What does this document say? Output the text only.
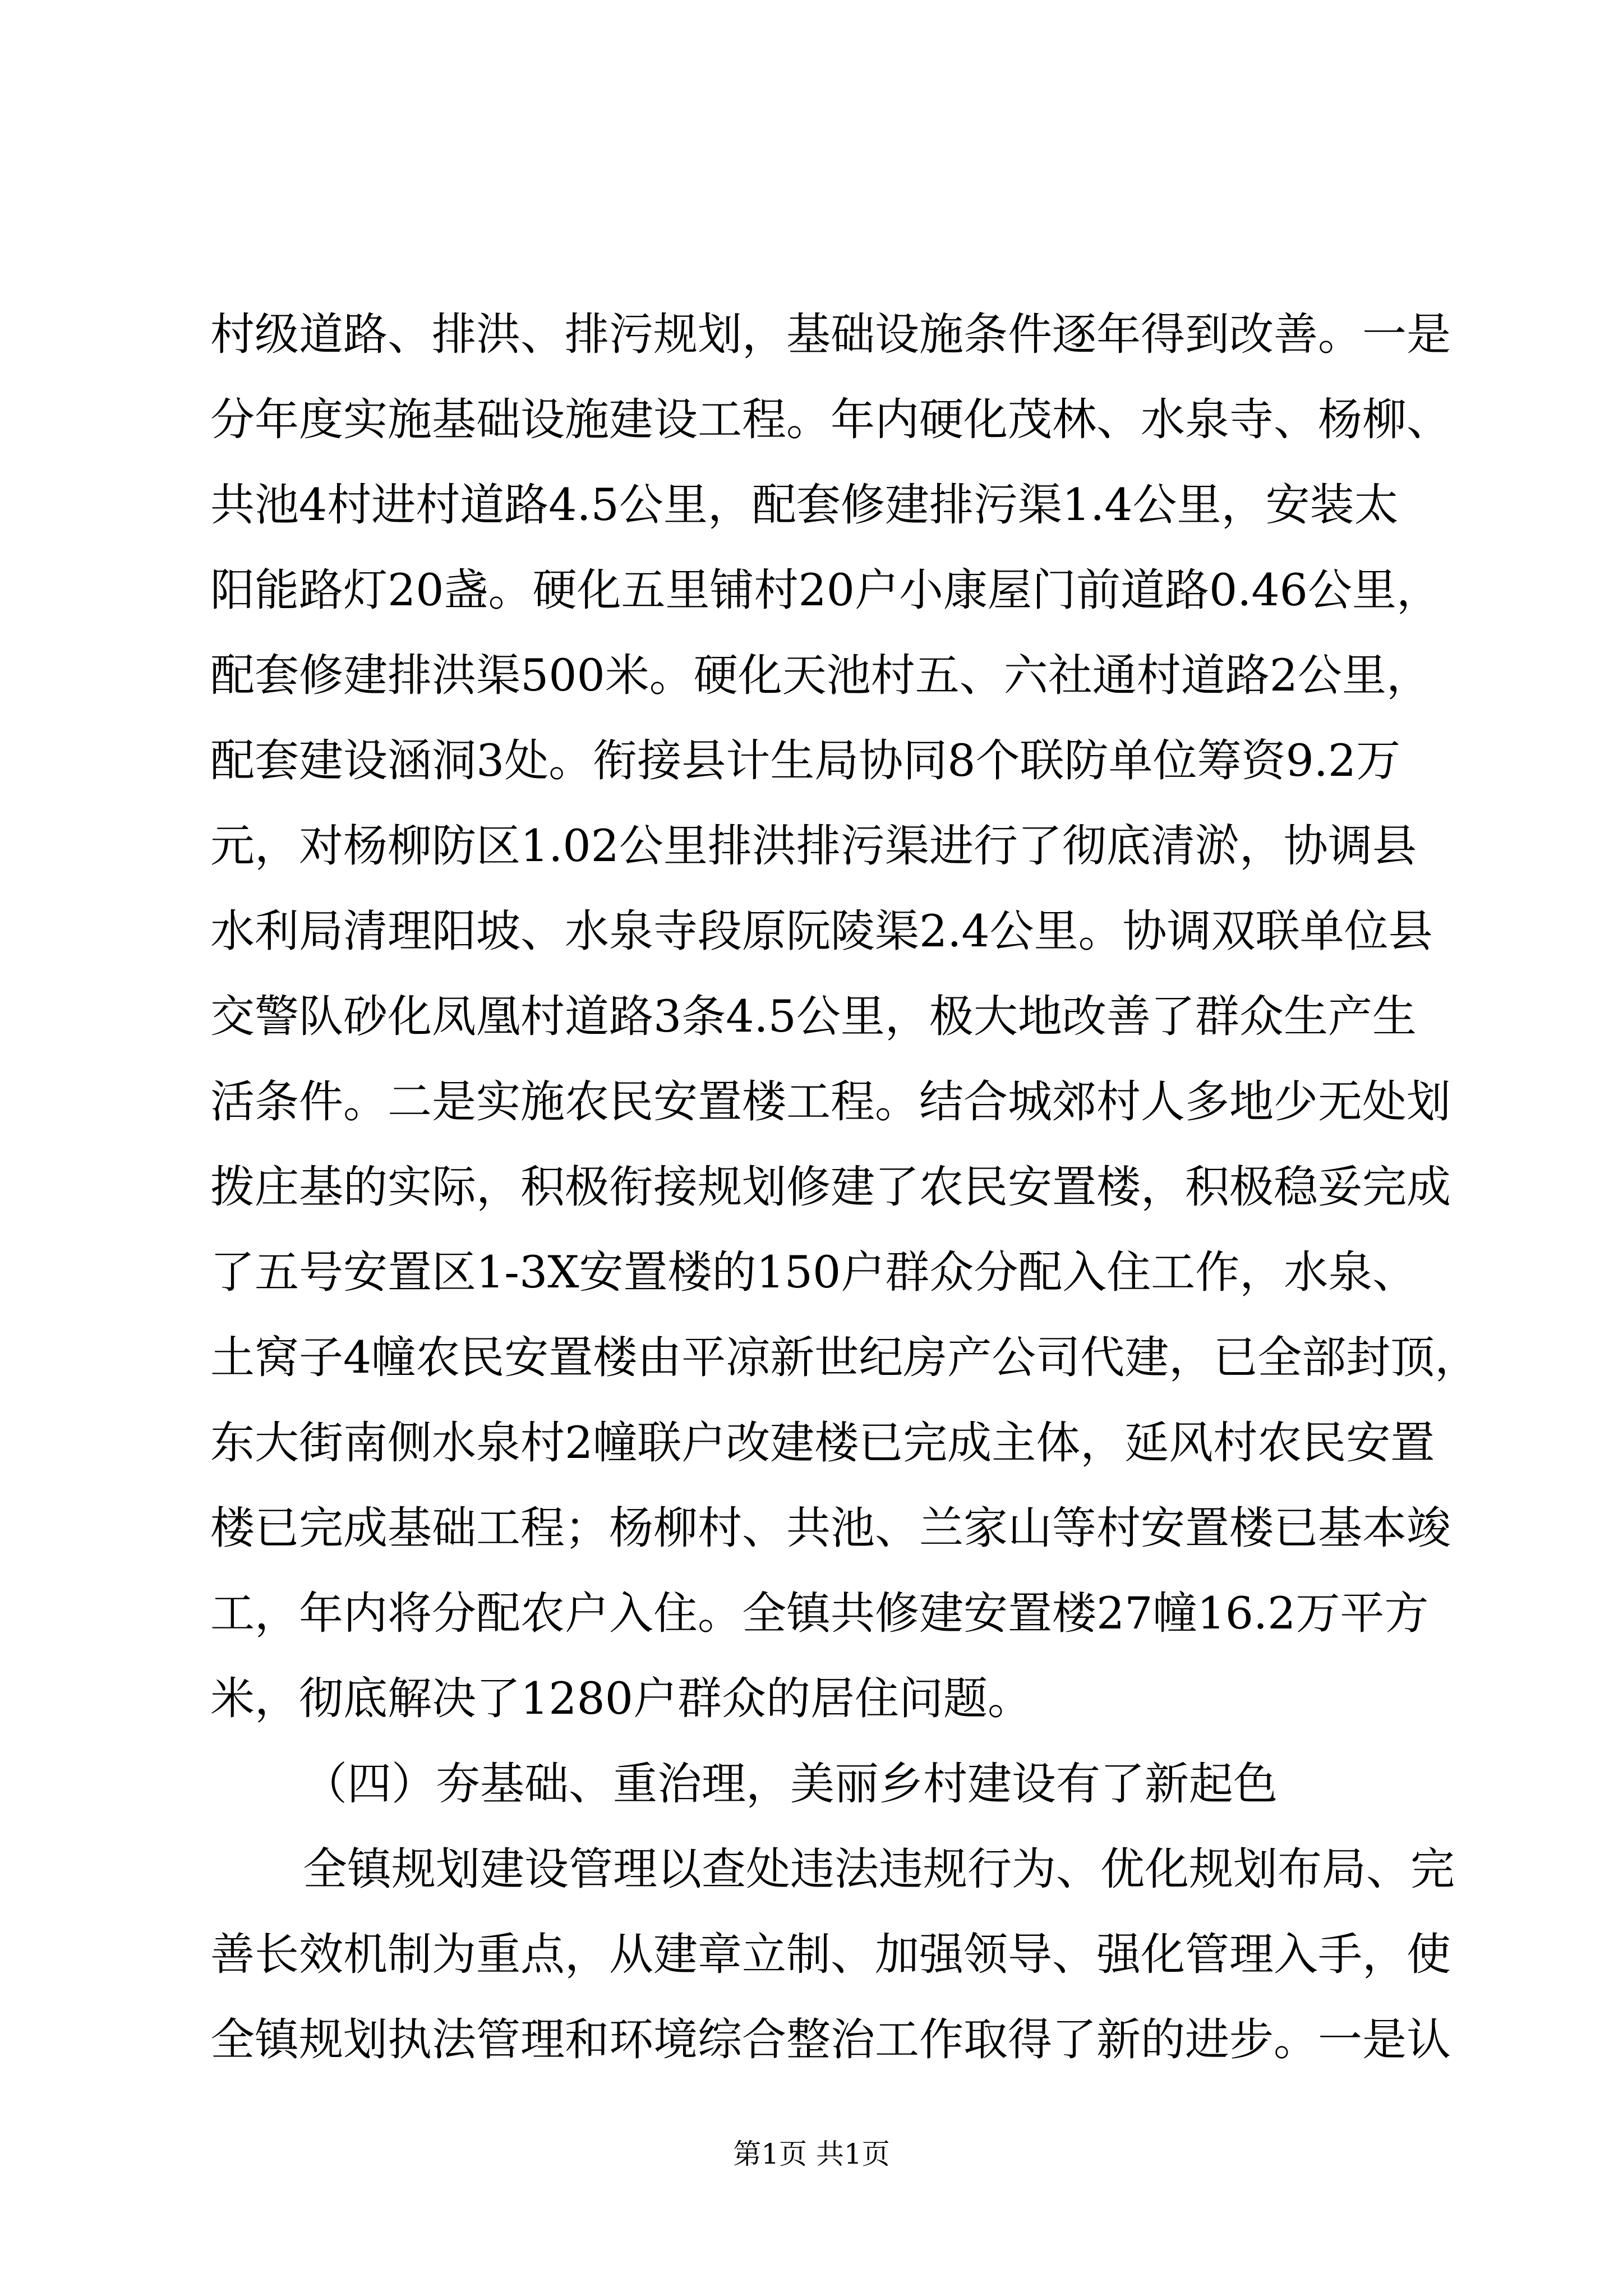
村级道路、排洪、排污规划，基础设施条件逐年得到改善。一是
分年度实施基础设施建设工程。年内硬化茂林、水泉寺、杨柳、
共池4村进村道路4.5公里，配套修建排污渠1.4公里，安装太
阳能路灯20盏。硬化五里铺村20户小康屋门前道路0.46公里，
配套修建排洪渠500米。硬化天池村五、六社通村道路2公里，
配套建设涵洞3处。衔接县计生局协同8个联防单位筹资9.2万
元，对杨柳防区1.02公里排洪排污渠进行了彻底清淤，协调县
水利局清理阳坡、水泉寺段原阮陵渠2.4公里。协调双联单位县
交警队砂化凤凰村道路3条4.5公里，极大地改善了群众生产生
活条件。二是实施农民安置楼工程。结合城郊村人多地少无处划
拨庄基的实际，积极衔接规划修建了农民安置楼，积极稳妥完成
了五号安置区1-3X安置楼的150户群众分配入住工作，水泉、
土窝子4幢农民安置楼由平凉新世纪房产公司代建，已全部封顶，
东大街南侧水泉村2幢联户改建楼已完成主体，延风村农民安置
楼已完成基础工程；杨柳村、共池、兰家山等村安置楼已基本竣
工，年内将分配农户入住。全镇共修建安置楼27幢16.2万平方
米，彻底解决了1280户群众的居住问题。
（四）夯基础、重治理，美丽乡村建设有了新起色
全镇规划建设管理以查处违法违规行为、优化规划布局、完
善长效机制为重点，从建章立制、加强领导、强化管理入手，使
全镇规划执法管理和环境综合整治工作取得了新的进步。一是认
第1页 共1页
